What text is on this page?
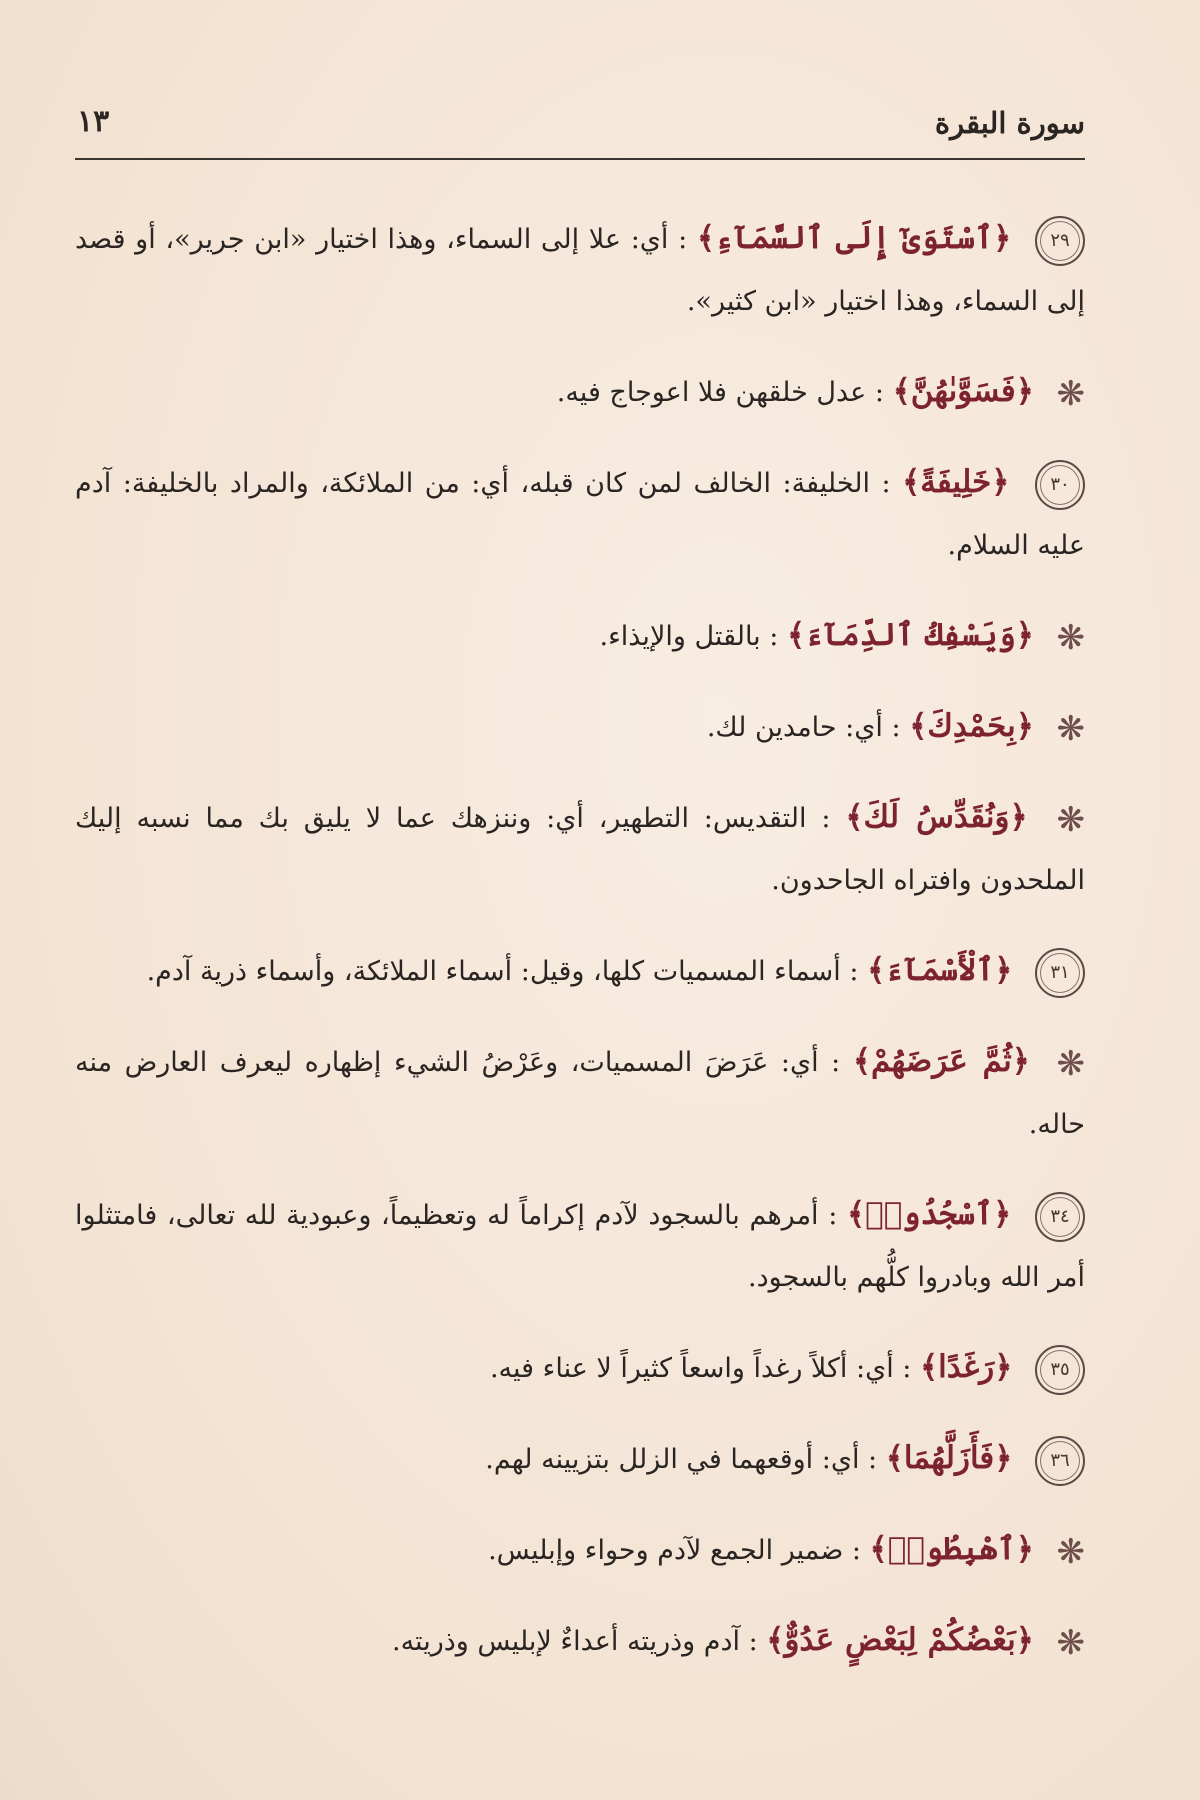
سورة البقرة
١٣

٢٩ ﴿ٱسْتَوَىٰٓ إِلَى ٱلسَّمَآءِ﴾ : أي: علا إلى السماء، وهذا اختيار «ابن جرير»، أو قصد إلى السماء، وهذا اختيار «ابن كثير».

❋ ﴿فَسَوَّىٰهُنَّ﴾ : عدل خلقهن فلا اعوجاج فيه.

٣٠ ﴿خَلِيفَةً﴾ : الخليفة: الخالف لمن كان قبله، أي: من الملائكة، والمراد بالخليفة: آدم عليه السلام.

❋ ﴿وَيَسْفِكُ ٱلدِّمَآءَ﴾ : بالقتل والإيذاء.

❋ ﴿بِحَمْدِكَ﴾ : أي: حامدين لك.

❋ ﴿وَنُقَدِّسُ لَكَ﴾ : التقديس: التطهير، أي: وننزهك عما لا يليق بك مما نسبه إليك الملحدون وافتراه الجاحدون.

٣١ ﴿ٱلْأَسْمَآءَ﴾ : أسماء المسميات كلها، وقيل: أسماء الملائكة، وأسماء ذرية آدم.

❋ ﴿ثُمَّ عَرَضَهُمْ﴾ : أي: عَرَضَ المسميات، وعَرْضُ الشيء إظهاره ليعرف العارض منه حاله.

٣٤ ﴿ٱسْجُدُوا۟﴾ : أمرهم بالسجود لآدم إكراماً له وتعظيماً، وعبودية لله تعالى، فامتثلوا أمر الله وبادروا كلُّهم بالسجود.

٣٥ ﴿رَغَدًا﴾ : أي: أكلاً رغداً واسعاً كثيراً لا عناء فيه.

٣٦ ﴿فَأَزَلَّهُمَا﴾ : أي: أوقعهما في الزلل بتزيينه لهم.

❋ ﴿ٱهْبِطُوا۟﴾ : ضمير الجمع لآدم وحواء وإبليس.

❋ ﴿بَعْضُكُمْ لِبَعْضٍ عَدُوٌّ﴾ : آدم وذريته أعداءٌ لإبليس وذريته.
